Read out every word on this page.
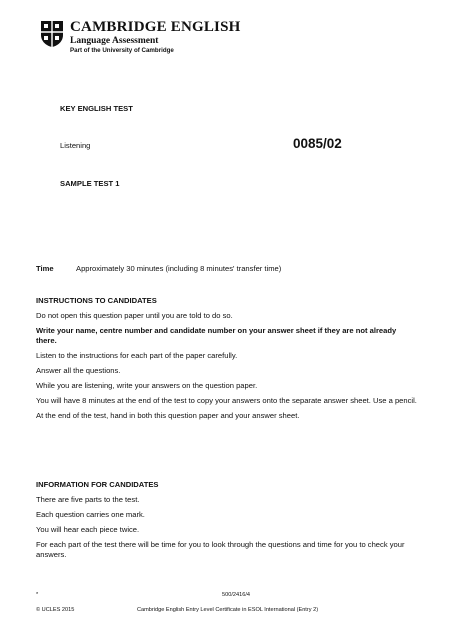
CAMBRIDGE ENGLISH
Language Assessment
Part of the University of Cambridge
KEY ENGLISH TEST
Listening	0085/02
SAMPLE TEST 1
Time	Approximately 30 minutes (including 8 minutes' transfer time)
INSTRUCTIONS TO CANDIDATES

Do not open this question paper until you are told to do so.

Write your name, centre number and candidate number on your answer sheet if they are not already there.

Listen to the instructions for each part of the paper carefully.

Answer all the questions.

While you are listening, write your answers on the question paper.

You will have 8 minutes at the end of the test to copy your answers onto the separate answer sheet. Use a pencil.

At the end of the test, hand in both this question paper and your answer sheet.

INFORMATION FOR CANDIDATES

There are five parts to the test.

Each question carries one mark.

You will hear each piece twice.

For each part of the test there will be time for you to look through the questions and time for you to check your answers.

*	500/2416/4
© UCLES 2015	Cambridge English Entry Level Certificate in ESOL International (Entry 2)
